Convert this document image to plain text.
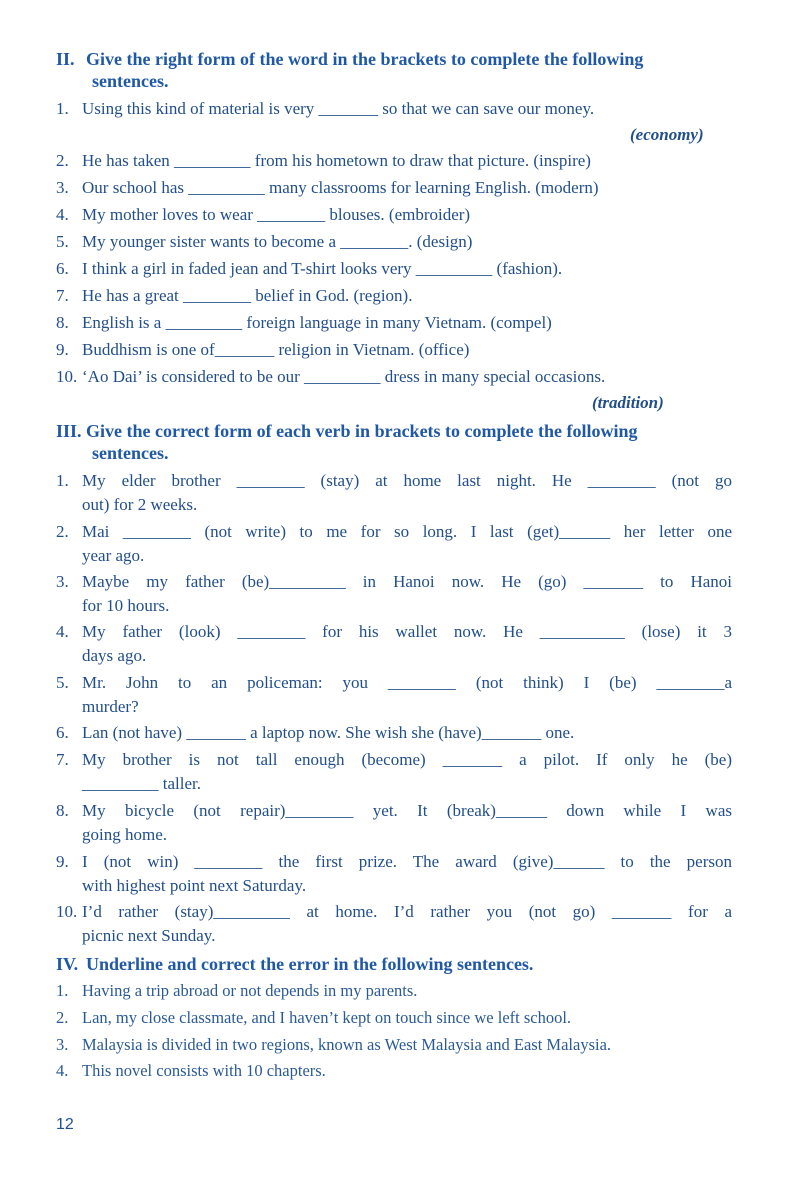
II. Give the right form of the word in the brackets to complete the following
sentences.
1. Using this kind of material is very _______ so that we can save our money.
(economy)
2. He has taken _________ from his hometown to draw that picture. (inspire)
3. Our school has _________ many classrooms for learning English. (modern)
4. My mother loves to wear ________ blouses. (embroider)
5. My younger sister wants to become a ________. (design)
6. I think a girl in faded jean and T-shirt looks very _________ (fashion).
7. He has a great ________ belief in God. (region).
8. English is a _________ foreign language in many Vietnam. (compel)
9. Buddhism is one of_______ religion in Vietnam. (office)
10. ‘Ao Dai’ is considered to be our _________ dress in many special occasions.
(tradition)
III. Give the correct form of each verb in brackets to complete the following
sentences.
1. My elder brother ________ (stay) at home last night. He ________ (not go
out) for 2 weeks.
2. Mai ________ (not write) to me for so long. I last (get)______ her letter one
year ago.
3. Maybe my father (be)_________ in Hanoi now. He (go) _______ to Hanoi
for 10 hours.
4. My father (look) ________ for his wallet now. He __________ (lose) it 3
days ago.
5. Mr. John to an policeman: you ________ (not think) I (be) ________a
murder?
6. Lan (not have) _______ a laptop now. She wish she (have)_______ one.
7. My brother is not tall enough (become) _______ a pilot. If only he (be)
_________ taller.
8. My bicycle (not repair)________ yet. It (break)______ down while I was
going home.
9. I (not win) ________ the first prize. The award (give)______ to the person
with highest point next Saturday.
10. I’d rather (stay)_________ at home. I’d rather you (not go) _______ for a
picnic next Sunday.
IV. Underline and correct the error in the following sentences.
1. Having a trip abroad or not depends in my parents.
2. Lan, my close classmate, and I haven’t kept on touch since we left school.
3. Malaysia is divided in two regions, known as West Malaysia and East Malaysia.
4. This novel consists with 10 chapters.
12
